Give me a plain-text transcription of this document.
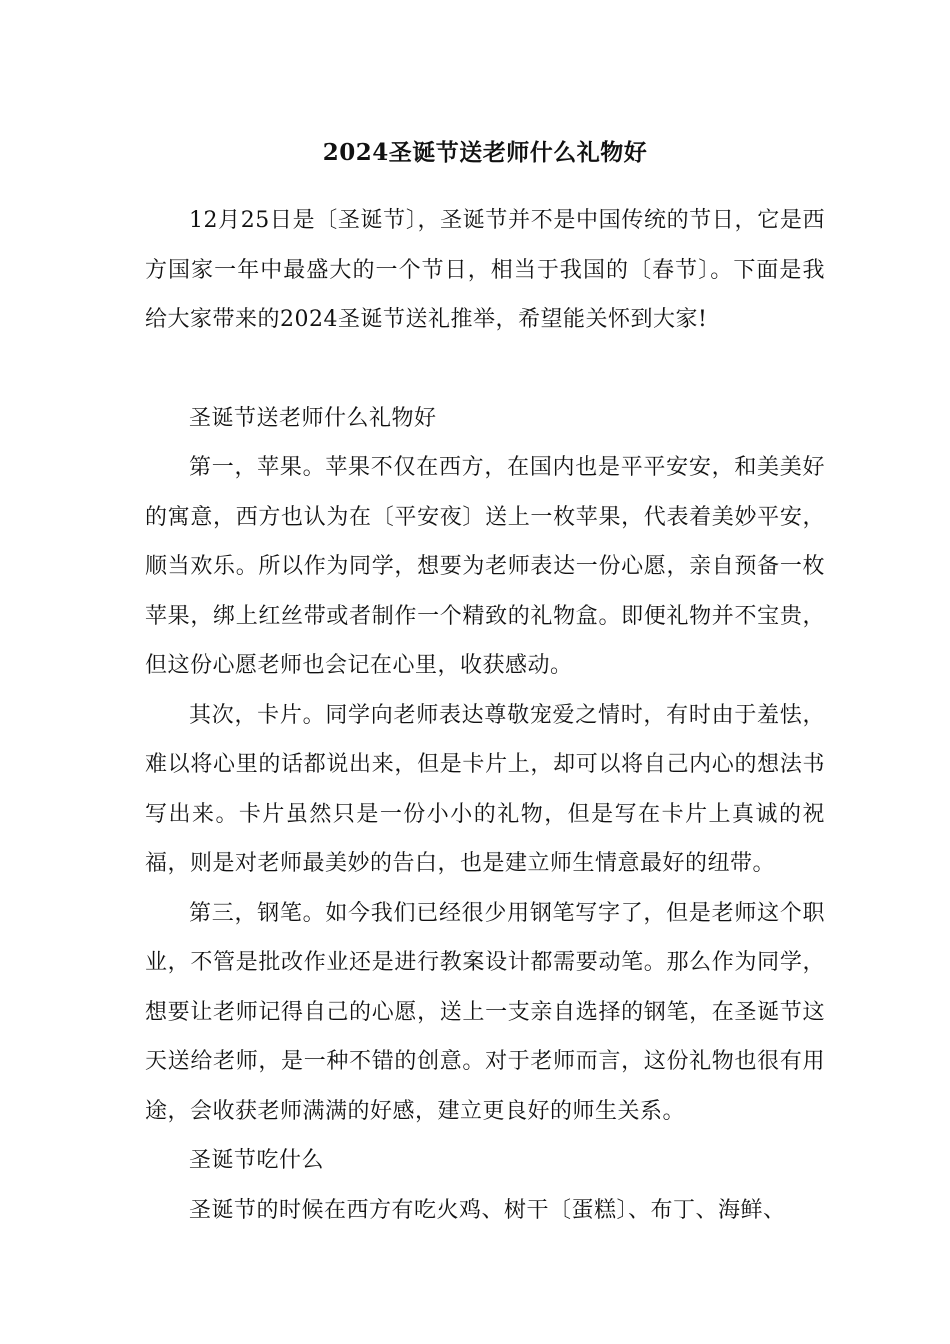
2024圣诞节送老师什么礼物好

12月25日是〔圣诞节〕，圣诞节并不是中国传统的节日，它是西方国家一年中最盛大的一个节日，相当于我国的〔春节〕。下面是我给大家带来的2024圣诞节送礼推举，希望能关怀到大家!

圣诞节送老师什么礼物好

第一，苹果。苹果不仅在西方，在国内也是平平安安，和美美好的寓意，西方也认为在〔平安夜〕送上一枚苹果，代表着美妙平安，顺当欢乐。所以作为同学，想要为老师表达一份心愿，亲自预备一枚苹果，绑上红丝带或者制作一个精致的礼物盒。即便礼物并不宝贵，但这份心愿老师也会记在心里，收获感动。

其次，卡片。同学向老师表达尊敬宠爱之情时，有时由于羞怯，难以将心里的话都说出来，但是卡片上，却可以将自己内心的想法书写出来。卡片虽然只是一份小小的礼物，但是写在卡片上真诚的祝福，则是对老师最美妙的告白，也是建立师生情意最好的纽带。

第三，钢笔。如今我们已经很少用钢笔写字了，但是老师这个职业，不管是批改作业还是进行教案设计都需要动笔。那么作为同学，想要让老师记得自己的心愿，送上一支亲自选择的钢笔，在圣诞节这天送给老师，是一种不错的创意。对于老师而言，这份礼物也很有用途，会收获老师满满的好感，建立更良好的师生关系。

圣诞节吃什么

圣诞节的时候在西方有吃火鸡、树干〔蛋糕〕、布丁、海鲜、
